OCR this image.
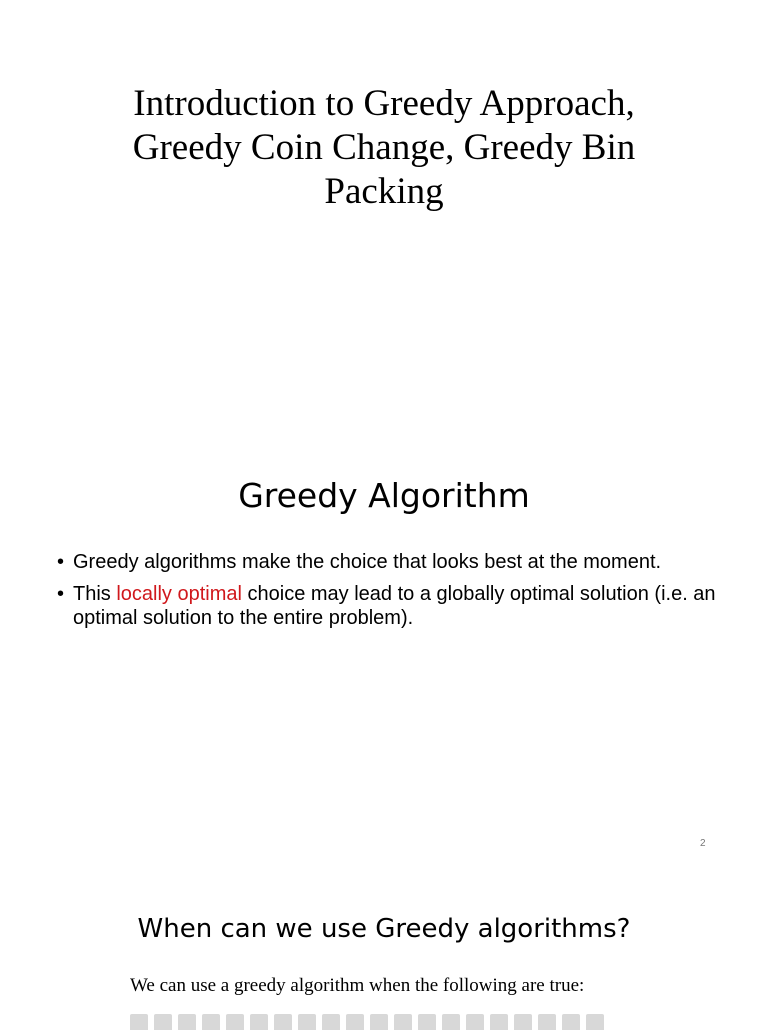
Introduction to Greedy Approach,
Greedy Coin Change, Greedy Bin
Packing
Greedy Algorithm
• Greedy algorithms make the choice that looks best at the moment.
• This locally optimal choice may lead to a globally optimal solution (i.e. an optimal solution to the entire problem).
2
When can we use Greedy algorithms?

We can use a greedy algorithm when the following are true:
